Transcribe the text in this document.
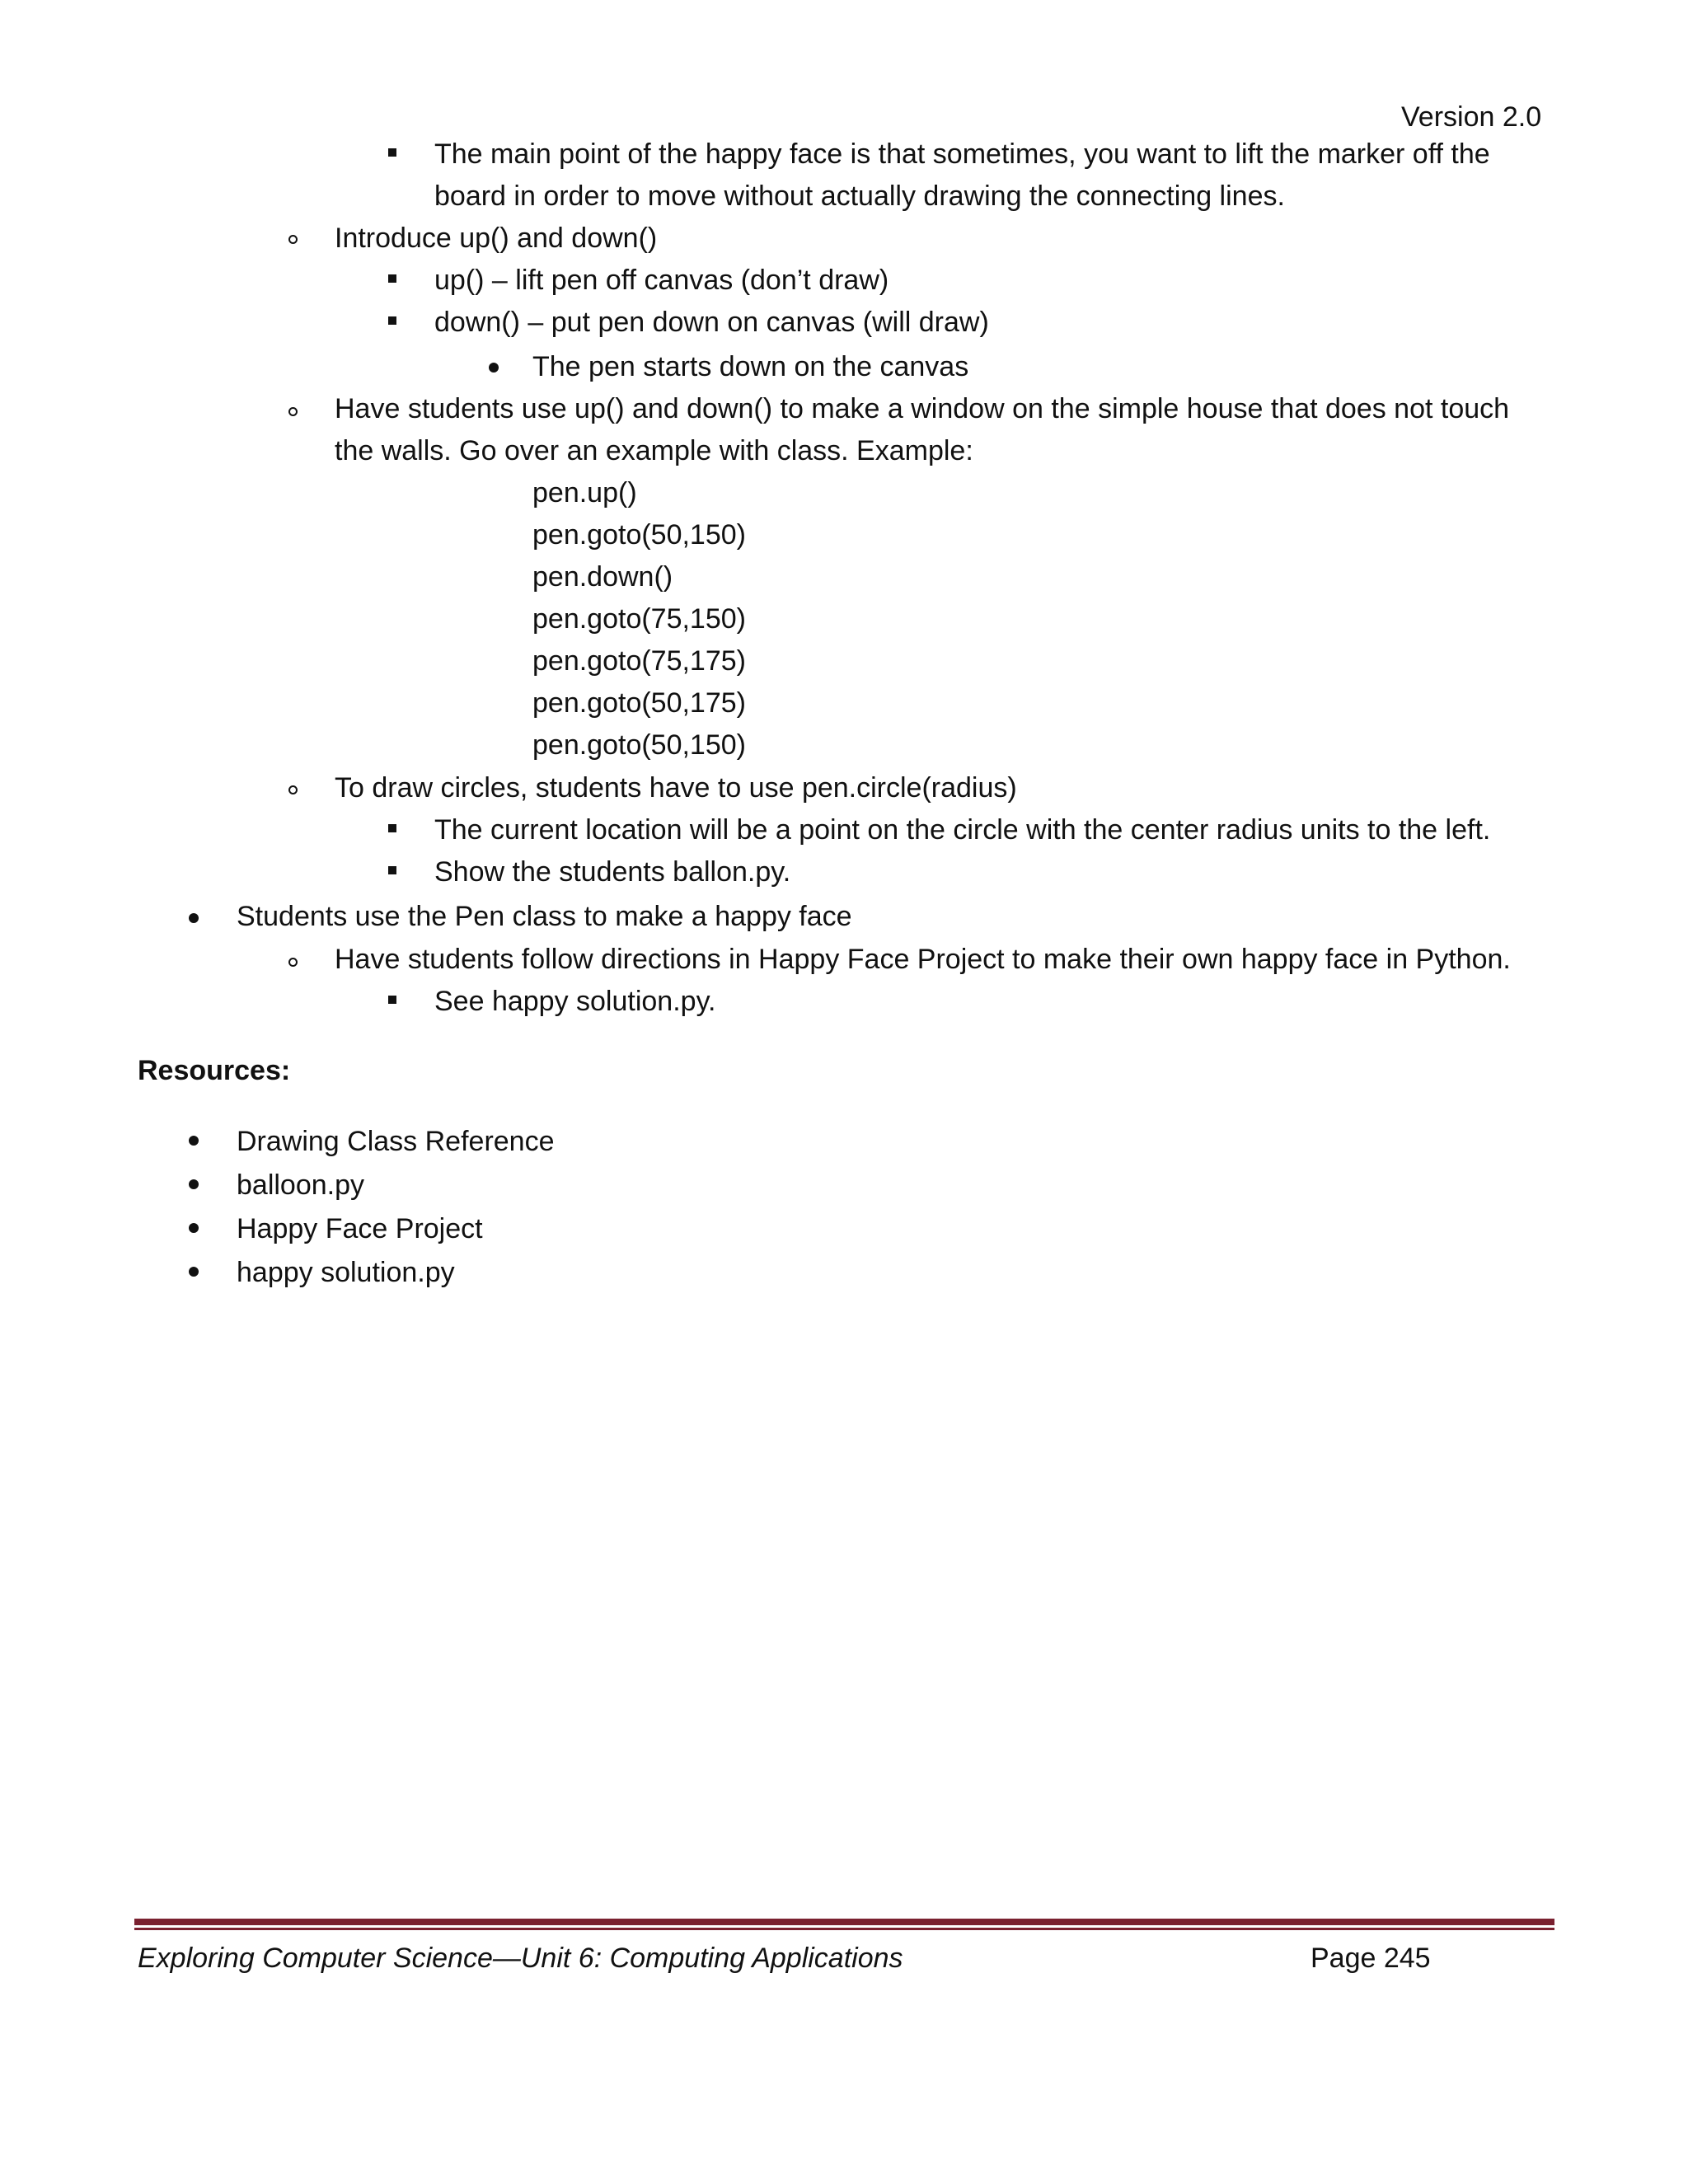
Version 2.0
The main point of the happy face is that sometimes, you want to lift the marker off the
board in order to move without actually drawing the connecting lines.
Introduce up() and down()
up() – lift pen off canvas (don’t draw)
down() – put pen down on canvas (will draw)
The pen starts down on the canvas
Have students use up() and down() to make a window on the simple house that does not touch
the walls. Go over an example with class. Example:
pen.up()
pen.goto(50,150)
pen.down()
pen.goto(75,150)
pen.goto(75,175)
pen.goto(50,175)
pen.goto(50,150)
To draw circles, students have to use pen.circle(radius)
The current location will be a point on the circle with the center radius units to the left.
Show the students ballon.py.
Students use the Pen class to make a happy face
Have students follow directions in Happy Face Project to make their own happy face in Python.
See happy solution.py.
Resources:
Drawing Class Reference
balloon.py
Happy Face Project
happy solution.py
Exploring Computer Science—Unit 6: Computing Applications	Page 245
